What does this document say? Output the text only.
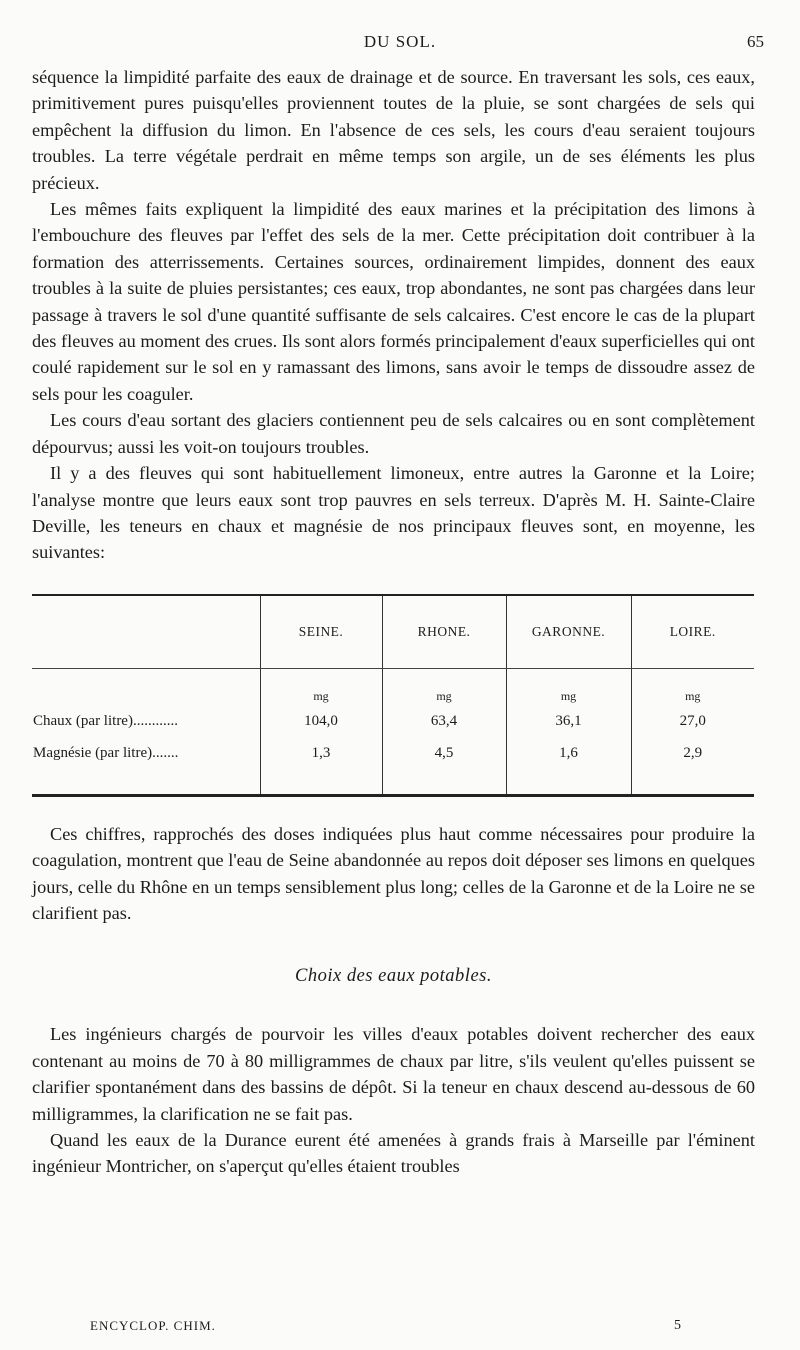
DU SOL.	65

séquence la limpidité parfaite des eaux de drainage et de source. En traversant les sols, ces eaux, primitivement pures puisqu'elles proviennent toutes de la pluie, se sont chargées de sels qui empêchent la diffusion du limon. En l'absence de ces sels, les cours d'eau seraient toujours troubles. La terre végétale perdrait en même temps son argile, un de ses éléments les plus précieux.

Les mêmes faits expliquent la limpidité des eaux marines et la précipitation des limons à l'embouchure des fleuves par l'effet des sels de la mer. Cette précipitation doit contribuer à la formation des atterrissements. Certaines sources, ordinairement limpides, donnent des eaux troubles à la suite de pluies persistantes; ces eaux, trop abondantes, ne sont pas chargées dans leur passage à travers le sol d'une quantité suffisante de sels calcaires. C'est encore le cas de la plupart des fleuves au moment des crues. Ils sont alors formés principalement d'eaux superficielles qui ont coulé rapidement sur le sol en y ramassant des limons, sans avoir le temps de dissoudre assez de sels pour les coaguler.

Les cours d'eau sortant des glaciers contiennent peu de sels calcaires ou en sont complètement dépourvus; aussi les voit-on toujours troubles.

Il y a des fleuves qui sont habituellement limoneux, entre autres la Garonne et la Loire; l'analyse montre que leurs eaux sont trop pauvres en sels terreux. D'après M. H. Sainte-Claire Deville, les teneurs en chaux et magnésie de nos principaux fleuves sont, en moyenne, les suivantes:

	SEINE.	RHONE.	GARONNE.	LOIRE.
	mg	mg	mg	mg
Chaux (par litre)............	104,0	63,4	36,1	27,0
Magnésie (par litre).......	1,3	4,5	1,6	2,9

Ces chiffres, rapprochés des doses indiquées plus haut comme nécessaires pour produire la coagulation, montrent que l'eau de Seine abandonnée au repos doit déposer ses limons en quelques jours, celle du Rhône en un temps sensiblement plus long; celles de la Garonne et de la Loire ne se clarifient pas.

Choix des eaux potables.

Les ingénieurs chargés de pourvoir les villes d'eaux potables doivent rechercher des eaux contenant au moins de 70 à 80 milligrammes de chaux par litre, s'ils veulent qu'elles puissent se clarifier spontanément dans des bassins de dépôt. Si la teneur en chaux descend au-dessous de 60 milligrammes, la clarification ne se fait pas.

Quand les eaux de la Durance eurent été amenées à grands frais à Marseille par l'éminent ingénieur Montricher, on s'aperçut qu'elles étaient troubles

ENCYCLOP. CHIM.	5
